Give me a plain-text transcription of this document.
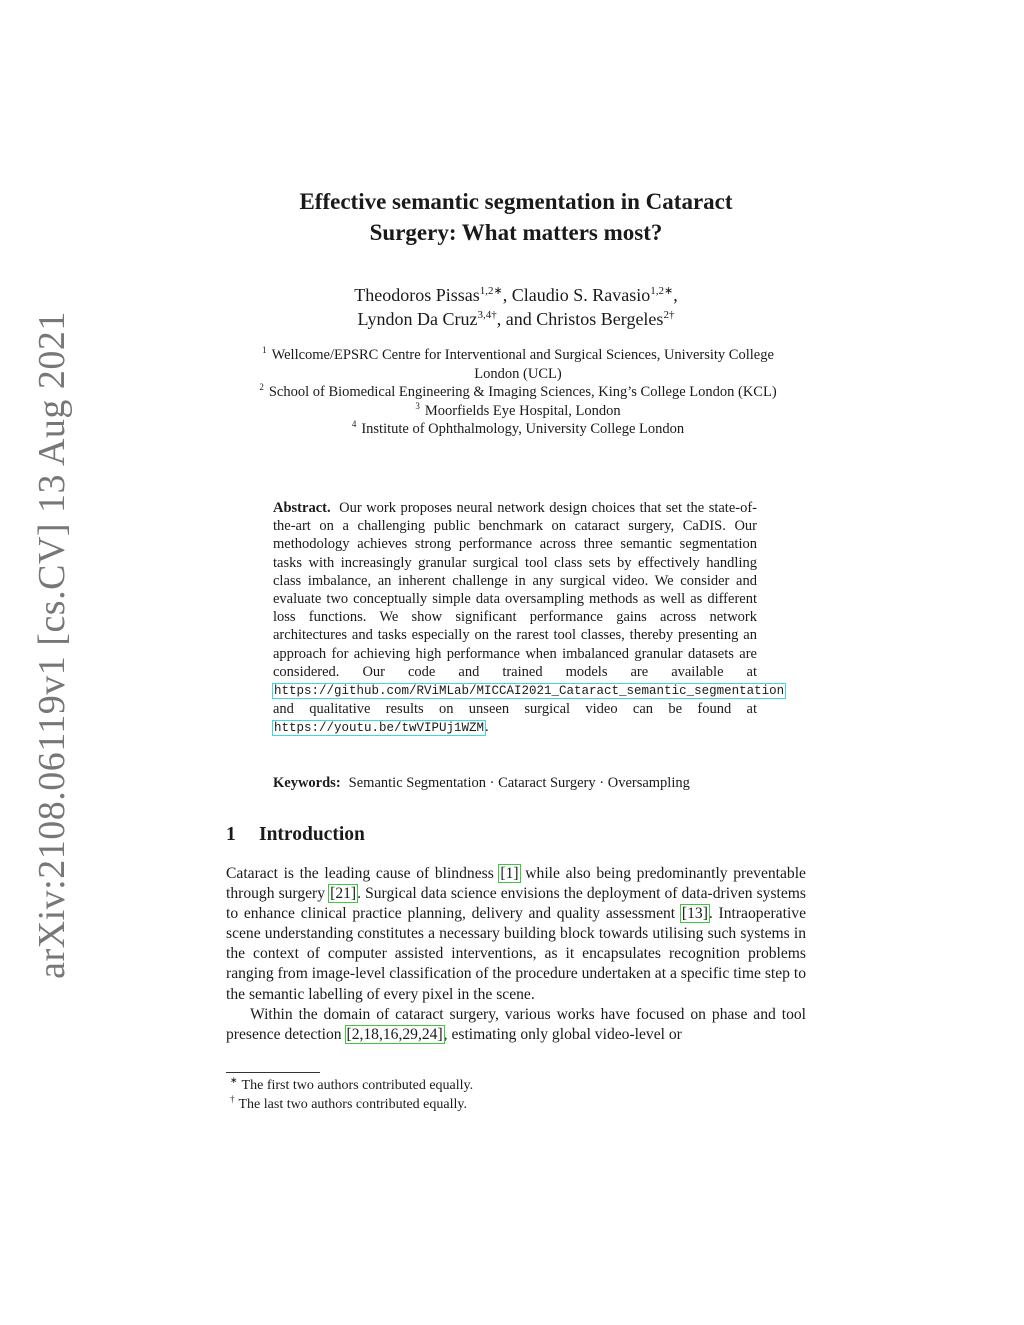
arXiv:2108.06119v1 [cs.CV] 13 Aug 2021
Effective semantic segmentation in Cataract
Surgery: What matters most?
Theodoros Pissas$^{1,2∗}$, Claudio S. Ravasio$^{1,2∗}$,
Lyndon Da Cruz$^{3,4\dagger}$, and Christos Bergeles$^{2\dagger}$
$^1$ Wellcome/EPSRC Centre for Interventional and Surgical Sciences, University College London (UCL)
$^2$ School of Biomedical Engineering & Imaging Sciences, King’s College London (KCL)
$^3$ Moorfields Eye Hospital, London
$^4$ Institute of Ophthalmology, University College London
Abstract. Our work proposes neural network design choices that set the state-of-the-art on a challenging public benchmark on cataract surgery, CaDIS. Our methodology achieves strong performance across three semantic segmentation tasks with increasingly granular surgical tool class sets by effectively handling class imbalance, an inherent challenge in any surgical video. We consider and evaluate two conceptually simple data oversampling methods as well as different loss functions. We show significant performance gains across network architectures and tasks especially on the rarest tool classes, thereby presenting an approach for achieving high performance when imbalanced granular datasets are considered. Our code and trained models are available at https://github.com/RViMLab/MICCAI2021_Cataract_semantic_segmentation and qualitative results on unseen surgical video can be found at https://youtu.be/twVIPUj1WZM.
Keywords: Semantic Segmentation · Cataract Surgery · Oversampling
1 Introduction

Cataract is the leading cause of blindness [1] while also being predominantly preventable through surgery [21]. Surgical data science envisions the deployment of data-driven systems to enhance clinical practice planning, delivery and quality assessment [13]. Intraoperative scene understanding constitutes a necessary building block towards utilising such systems in the context of computer assisted interventions, as it encapsulates recognition problems ranging from image-level classification of the procedure undertaken at a specific time step to the semantic labelling of every pixel in the scene.

Within the domain of cataract surgery, various works have focused on phase and tool presence detection [2,18,16,29,24], estimating only global video-level or

∗ The first two authors contributed equally.
† The last two authors contributed equally.
